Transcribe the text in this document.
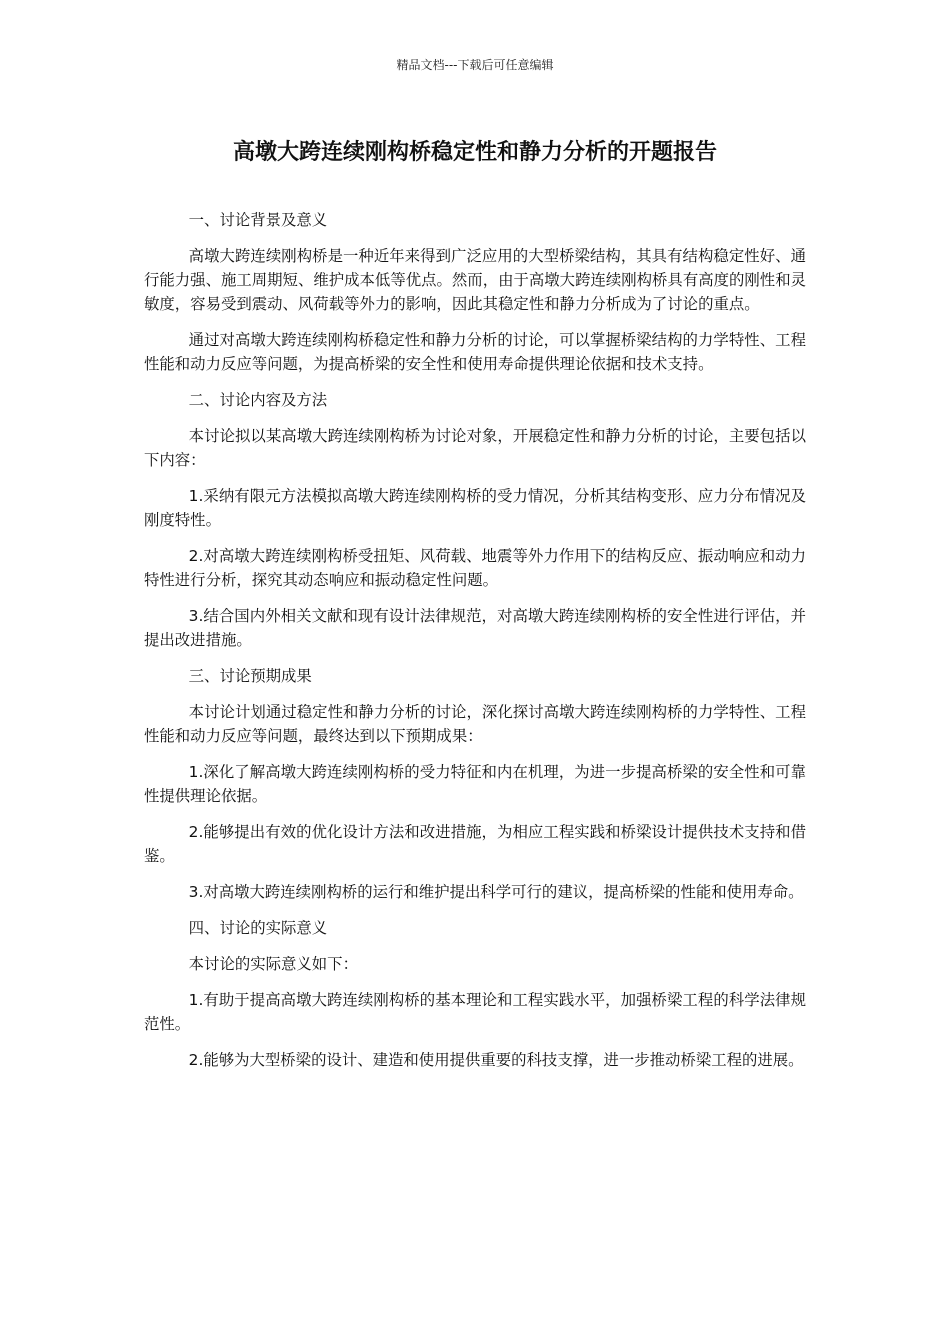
精品文档---下载后可任意编辑
高墩大跨连续刚构桥稳定性和静力分析的开题报告

一、讨论背景及意义

高墩大跨连续刚构桥是一种近年来得到广泛应用的大型桥梁结构，其具有结构稳定性好、通行能力强、施工周期短、维护成本低等优点。然而，由于高墩大跨连续刚构桥具有高度的刚性和灵敏度，容易受到震动、风荷载等外力的影响，因此其稳定性和静力分析成为了讨论的重点。

通过对高墩大跨连续刚构桥稳定性和静力分析的讨论，可以掌握桥梁结构的力学特性、工程性能和动力反应等问题，为提高桥梁的安全性和使用寿命提供理论依据和技术支持。

二、讨论内容及方法

本讨论拟以某高墩大跨连续刚构桥为讨论对象，开展稳定性和静力分析的讨论，主要包括以下内容：

1.采纳有限元方法模拟高墩大跨连续刚构桥的受力情况，分析其结构变形、应力分布情况及刚度特性。

2.对高墩大跨连续刚构桥受扭矩、风荷载、地震等外力作用下的结构反应、振动响应和动力特性进行分析，探究其动态响应和振动稳定性问题。

3.结合国内外相关文献和现有设计法律规范，对高墩大跨连续刚构桥的安全性进行评估，并提出改进措施。

三、讨论预期成果

本讨论计划通过稳定性和静力分析的讨论，深化探讨高墩大跨连续刚构桥的力学特性、工程性能和动力反应等问题，最终达到以下预期成果：

1.深化了解高墩大跨连续刚构桥的受力特征和内在机理，为进一步提高桥梁的安全性和可靠性提供理论依据。

2.能够提出有效的优化设计方法和改进措施，为相应工程实践和桥梁设计提供技术支持和借鉴。

3.对高墩大跨连续刚构桥的运行和维护提出科学可行的建议，提高桥梁的性能和使用寿命。

四、讨论的实际意义

本讨论的实际意义如下：

1.有助于提高高墩大跨连续刚构桥的基本理论和工程实践水平，加强桥梁工程的科学法律规范性。

2.能够为大型桥梁的设计、建造和使用提供重要的科技支撑，进一步推动桥梁工程的进展。
